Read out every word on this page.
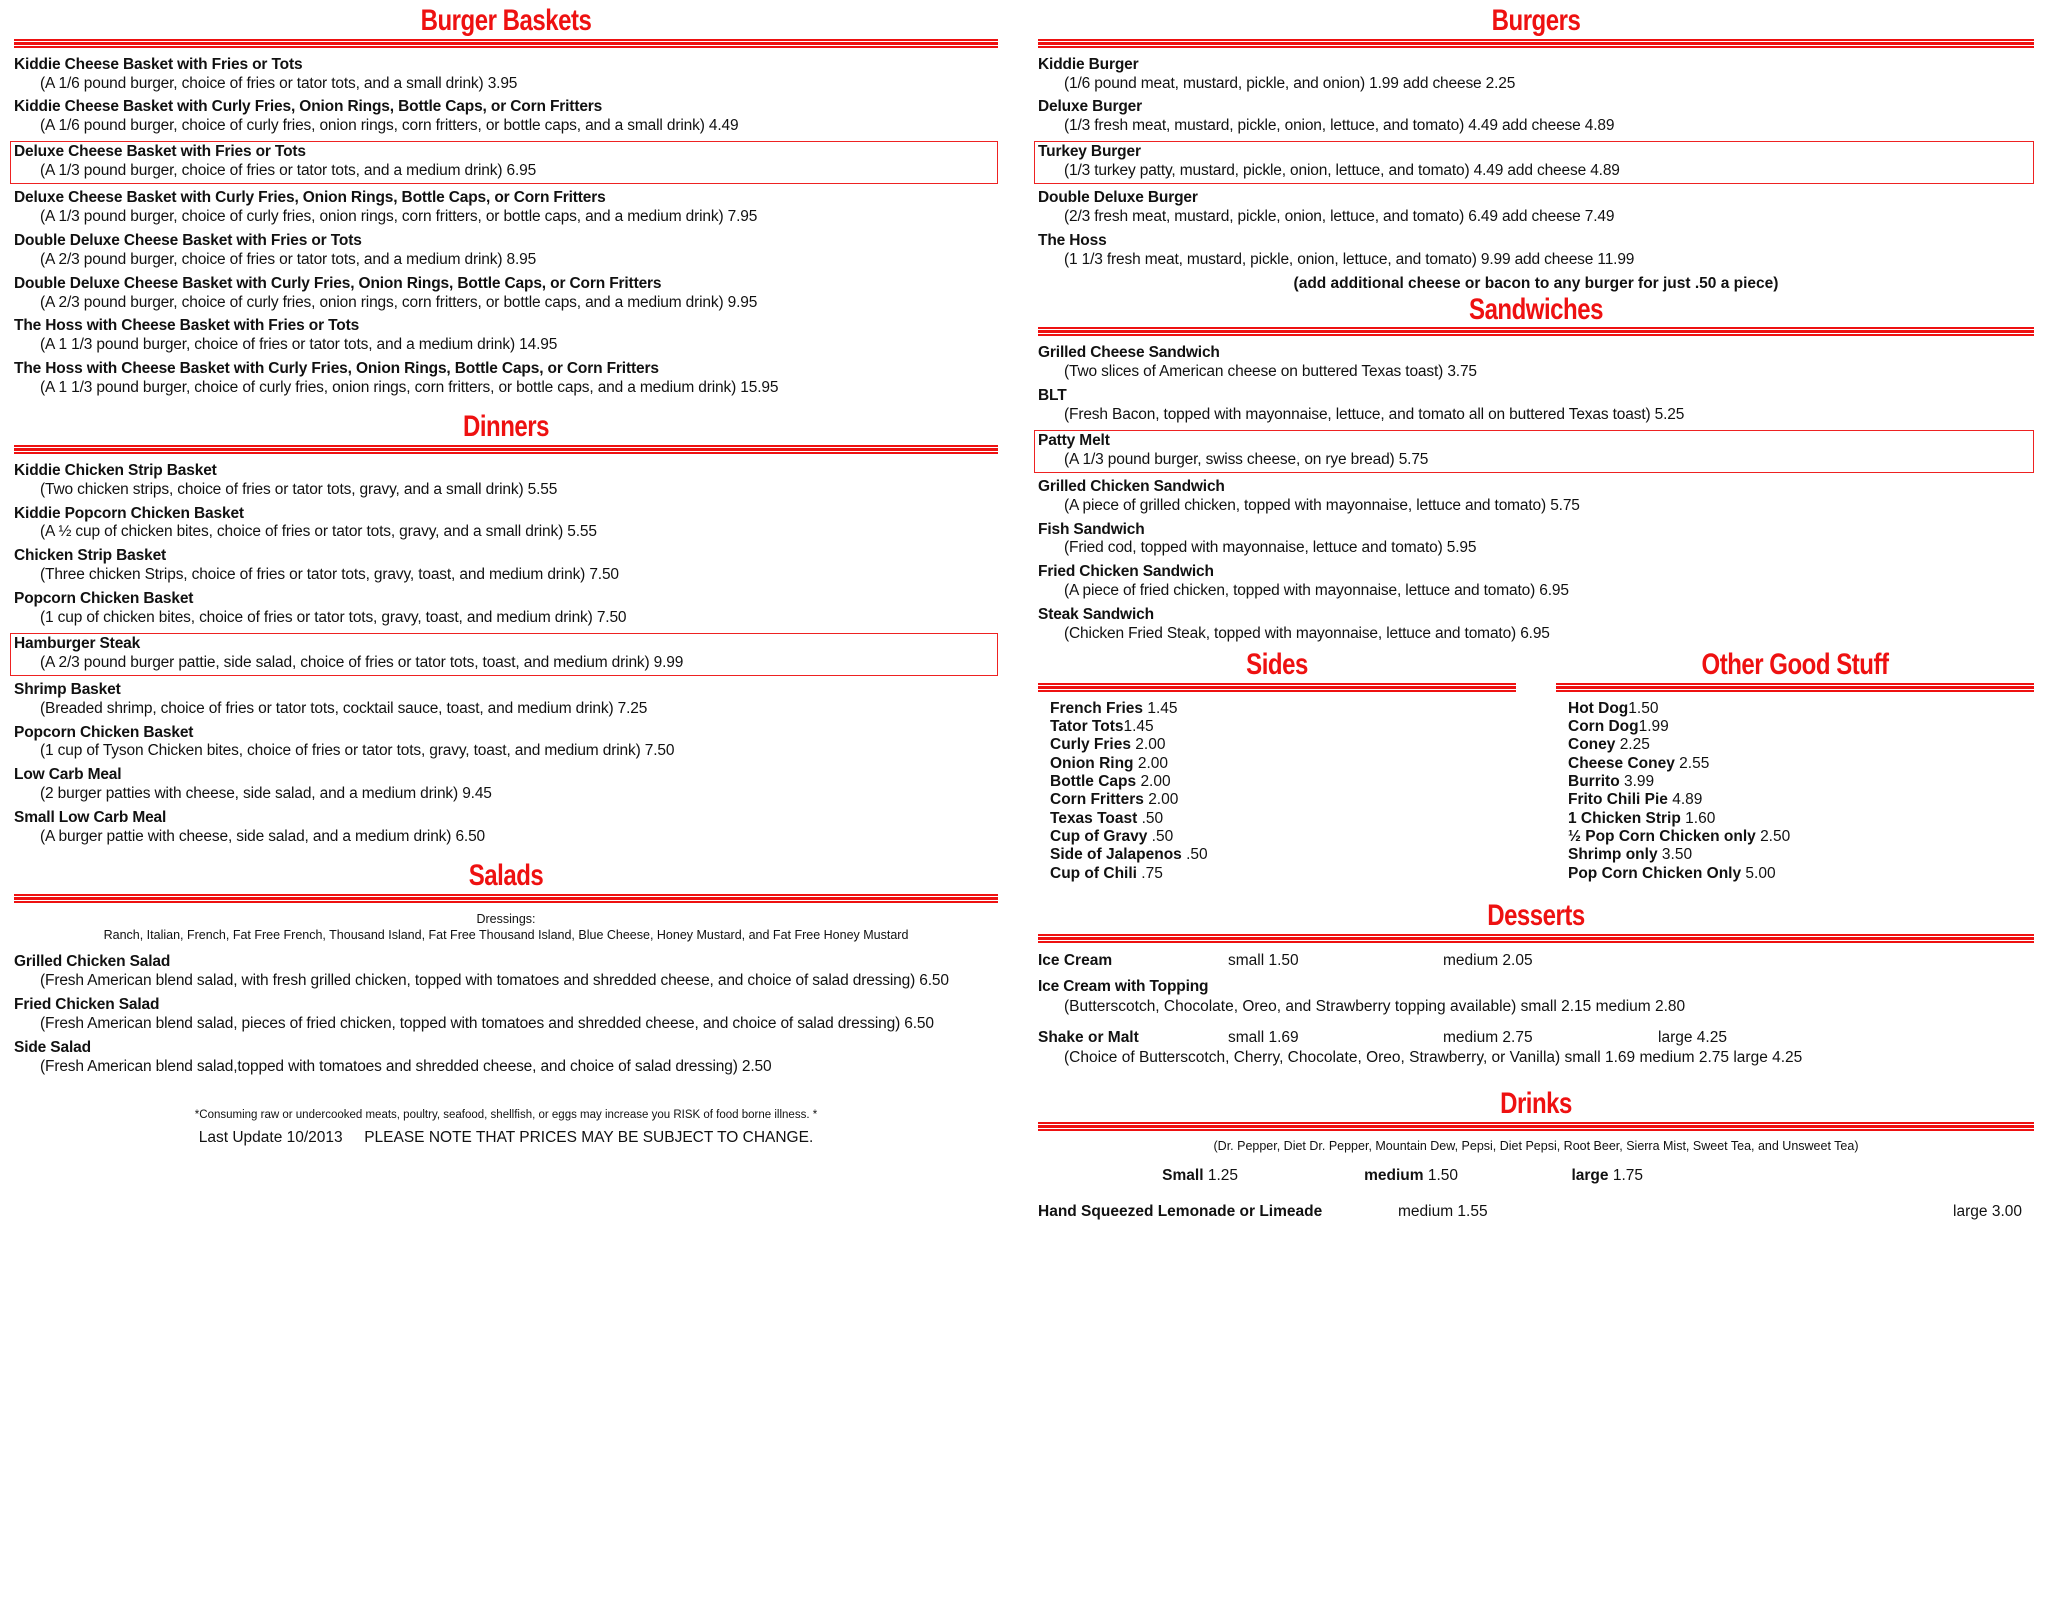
Burger Baskets
Kiddie Cheese Basket with Fries or Tots
(A 1/6 pound burger, choice of fries or tator tots, and a small drink) 3.95
Kiddie Cheese Basket with Curly Fries, Onion Rings, Bottle Caps, or Corn Fritters
(A 1/6 pound burger, choice of curly fries, onion rings, corn fritters, or bottle caps, and a small drink) 4.49
Deluxe Cheese Basket with Fries or Tots
(A 1/3 pound burger, choice of fries or tator tots, and a medium drink) 6.95
Deluxe Cheese Basket with Curly Fries, Onion Rings, Bottle Caps, or Corn Fritters
(A 1/3 pound burger, choice of curly fries, onion rings, corn fritters, or bottle caps, and a medium drink) 7.95
Double Deluxe Cheese Basket with Fries or Tots
(A 2/3 pound burger, choice of fries or tator tots, and a medium drink) 8.95
Double Deluxe Cheese Basket with Curly Fries, Onion Rings, Bottle Caps, or Corn Fritters
(A 2/3 pound burger, choice of curly fries, onion rings, corn fritters, or bottle caps, and a medium drink) 9.95
The Hoss with Cheese Basket with Fries or Tots
(A 1 1/3 pound burger, choice of fries or tator tots, and a medium drink) 14.95
The Hoss with Cheese Basket with Curly Fries, Onion Rings, Bottle Caps, or Corn Fritters
(A 1 1/3 pound burger, choice of curly fries, onion rings, corn fritters, or bottle caps, and a medium drink) 15.95
Dinners
Kiddie Chicken Strip Basket
(Two chicken strips, choice of fries or tator tots, gravy, and a small drink) 5.55
Kiddie Popcorn Chicken Basket
(A ½ cup of chicken bites, choice of fries or tator tots, gravy, and a small drink) 5.55
Chicken Strip Basket
(Three chicken Strips, choice of fries or tator tots, gravy, toast, and medium drink) 7.50
Popcorn Chicken Basket
(1 cup of chicken bites, choice of fries or tator tots, gravy, toast, and medium drink) 7.50
Hamburger Steak
(A 2/3 pound burger pattie, side salad, choice of fries or tator tots, toast, and medium drink) 9.99
Shrimp Basket
(Breaded shrimp, choice of fries or tator tots, cocktail sauce, toast, and medium drink) 7.25
Popcorn Chicken Basket
(1 cup of Tyson Chicken bites, choice of fries or tator tots, gravy, toast, and medium drink) 7.50
Low Carb Meal
(2 burger patties with cheese, side salad, and a medium drink) 9.45
Small Low Carb Meal
(A burger pattie with cheese, side salad, and a medium drink) 6.50
Salads
Dressings:
Ranch, Italian, French, Fat Free French, Thousand Island, Fat Free Thousand Island, Blue Cheese, Honey Mustard, and Fat Free Honey Mustard
Grilled Chicken Salad
(Fresh American blend salad, with fresh grilled chicken, topped with tomatoes and shredded cheese, and choice of salad dressing) 6.50
Fried Chicken Salad
(Fresh American blend salad, pieces of fried chicken, topped with tomatoes and shredded cheese, and choice of salad dressing) 6.50
Side Salad
(Fresh American blend salad,topped with tomatoes and shredded cheese, and choice of salad dressing) 2.50
*Consuming raw or undercooked meats, poultry, seafood, shellfish, or eggs may increase you RISK of food borne illness. *
Last Update 10/2013 PLEASE NOTE THAT PRICES MAY BE SUBJECT TO CHANGE.
Burgers
Kiddie Burger
(1/6 pound meat, mustard, pickle, and onion) 1.99 add cheese 2.25
Deluxe Burger
(1/3 fresh meat, mustard, pickle, onion, lettuce, and tomato) 4.49 add cheese 4.89
Turkey Burger
(1/3 turkey patty, mustard, pickle, onion, lettuce, and tomato) 4.49 add cheese 4.89
Double Deluxe Burger
(2/3 fresh meat, mustard, pickle, onion, lettuce, and tomato) 6.49 add cheese 7.49
The Hoss
(1 1/3 fresh meat, mustard, pickle, onion, lettuce, and tomato) 9.99 add cheese 11.99
(add additional cheese or bacon to any burger for just .50 a piece)
Sandwiches
Grilled Cheese Sandwich
(Two slices of American cheese on buttered Texas toast) 3.75
BLT
(Fresh Bacon, topped with mayonnaise, lettuce, and tomato all on buttered Texas toast) 5.25
Patty Melt
(A 1/3 pound burger, swiss cheese, on rye bread) 5.75
Grilled Chicken Sandwich
(A piece of grilled chicken, topped with mayonnaise, lettuce and tomato) 5.75
Fish Sandwich
(Fried cod, topped with mayonnaise, lettuce and tomato) 5.95
Fried Chicken Sandwich
(A piece of fried chicken, topped with mayonnaise, lettuce and tomato) 6.95
Steak Sandwich
(Chicken Fried Steak, topped with mayonnaise, lettuce and tomato) 6.95
Sides
French Fries 1.45
Tator Tots1.45
Curly Fries 2.00
Onion Ring 2.00
Bottle Caps 2.00
Corn Fritters 2.00
Texas Toast .50
Cup of Gravy .50
Side of Jalapenos .50
Cup of Chili .75
Other Good Stuff
Hot Dog1.50
Corn Dog1.99
Coney 2.25
Cheese Coney 2.55
Burrito 3.99
Frito Chili Pie 4.89
1 Chicken Strip 1.60
½ Pop Corn Chicken only 2.50
Shrimp only 3.50
Pop Corn Chicken Only 5.00
Desserts
Ice Cream	small 1.50	medium 2.05
Ice Cream with Topping
(Butterscotch, Chocolate, Oreo, and Strawberry topping available) small 2.15 medium 2.80
Shake or Malt	small 1.69	medium 2.75	large 4.25
(Choice of Butterscotch, Cherry, Chocolate, Oreo, Strawberry, or Vanilla) small 1.69 medium 2.75 large 4.25
Drinks
(Dr. Pepper, Diet Dr. Pepper, Mountain Dew, Pepsi, Diet Pepsi, Root Beer, Sierra Mist, Sweet Tea, and Unsweet Tea)
Small 1.25	medium 1.50	large 1.75
Hand Squeezed Lemonade or Limeade	medium 1.55	large 3.00
